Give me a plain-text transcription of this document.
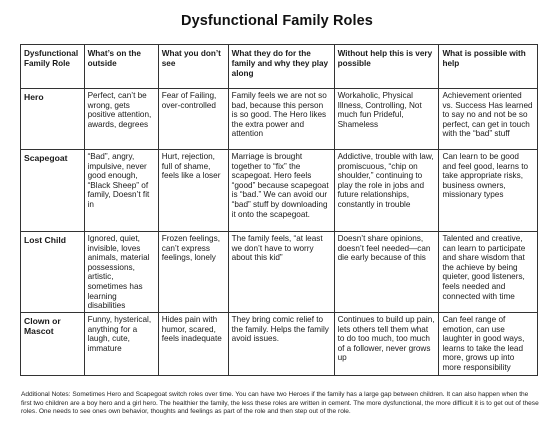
Dysfunctional Family Roles
Dysfunctional Family Role	What’s on the outside	What you don’t see	What they do for the family and why they play along	Without help this is very possible	What is possible with help
Hero	Perfect, can’t be wrong, gets positive attention, awards, degrees	Fear of Failing, over-controlled	Family feels we are not so bad, because this person is so good. The Hero likes the extra power and attention	Workaholic, Physical Illness, Controlling, Not much fun Prideful, Shameless	Achievement oriented vs. Success Has learned to say no and not be so perfect, can get in touch with the “bad” stuff
Scapegoat	“Bad”, angry, impulsive, never good enough, “Black Sheep” of family, Doesn’t fit in	Hurt, rejection, full of shame, feels like a loser	Marriage is brought together to “fix” the scapegoat. Hero feels “good” because scapegoat is “bad.” We can avoid our “bad” stuff by downloading it onto the scapegoat.	Addictive, trouble with law, promiscuous, “chip on shoulder,” continuing to play the role in jobs and future relationships, constantly in trouble	Can learn to be good and feel good, learns to take appropriate risks, business owners, missionary types
Lost Child	Ignored, quiet, invisible, loves animals, material possessions, artistic, sometimes has learning disabilities	Frozen feelings, can’t express feelings, lonely	The family feels, “at least we don’t have to worry about this kid”	Doesn’t share opinions, doesn’t feel needed—can die early because of this	Talented and creative, can learn to participate and share wisdom that the achieve by being quieter, good listeners, feels needed and connected with time
Clown or Mascot	Funny, hysterical, anything for a laugh, cute, immature	Hides pain with humor, scared, feels inadequate	They bring comic relief to the family. Helps the family avoid issues.	Continues to build up pain, lets others tell them what to do too much, too much of a follower, never grows up	Can feel range of emotion, can use laughter in good ways, learns to take the lead more, grows up into more responsibility
Additional Notes: Sometimes Hero and Scapegoat switch roles over time. You can have two Heroes if the family has a large gap between children. It can also happen when the first two children are a boy hero and a girl hero. The healthier the family, the less these roles are written in cement. The more dysfunctional, the more difficult it is to get out of these roles. One needs to see ones own behavior, thoughts and feelings as part of the role and then step out of the role.
